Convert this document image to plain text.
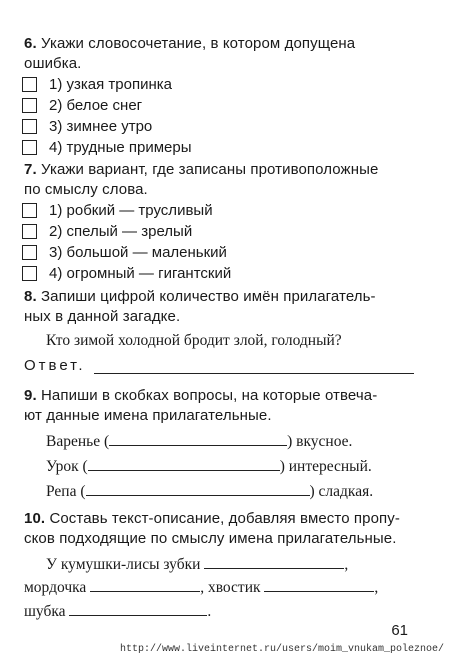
6. Укажи словосочетание, в котором допущена
ошибка.
1) узкая тропинка
2) белое снег
3) зимнее утро
4) трудные примеры
7. Укажи вариант, где записаны противоположные
по смыслу слова.
1) робкий — трусливый
2) спелый — зрелый
3) большой — маленький
4) огромный — гигантский
8. Запиши цифрой количество имён прилагатель-
ных в данной загадке.
Кто зимой холодной бродит злой, голодный?
Ответ.
9. Напиши в скобках вопросы, на которые отвеча-
ют данные имена прилагательные.
Варенье (	) вкусное.
Урок (	) интересный.
Репа (	) сладкая.
10. Составь текст-описание, добавляя вместо пропу-
сков подходящие по смыслу имена прилагательные.
У кумушки-лисы зубки	,
мордочка	, хвостик	,
шубка	.
61
http://www.liveinternet.ru/users/moim_vnukam_poleznoe/
